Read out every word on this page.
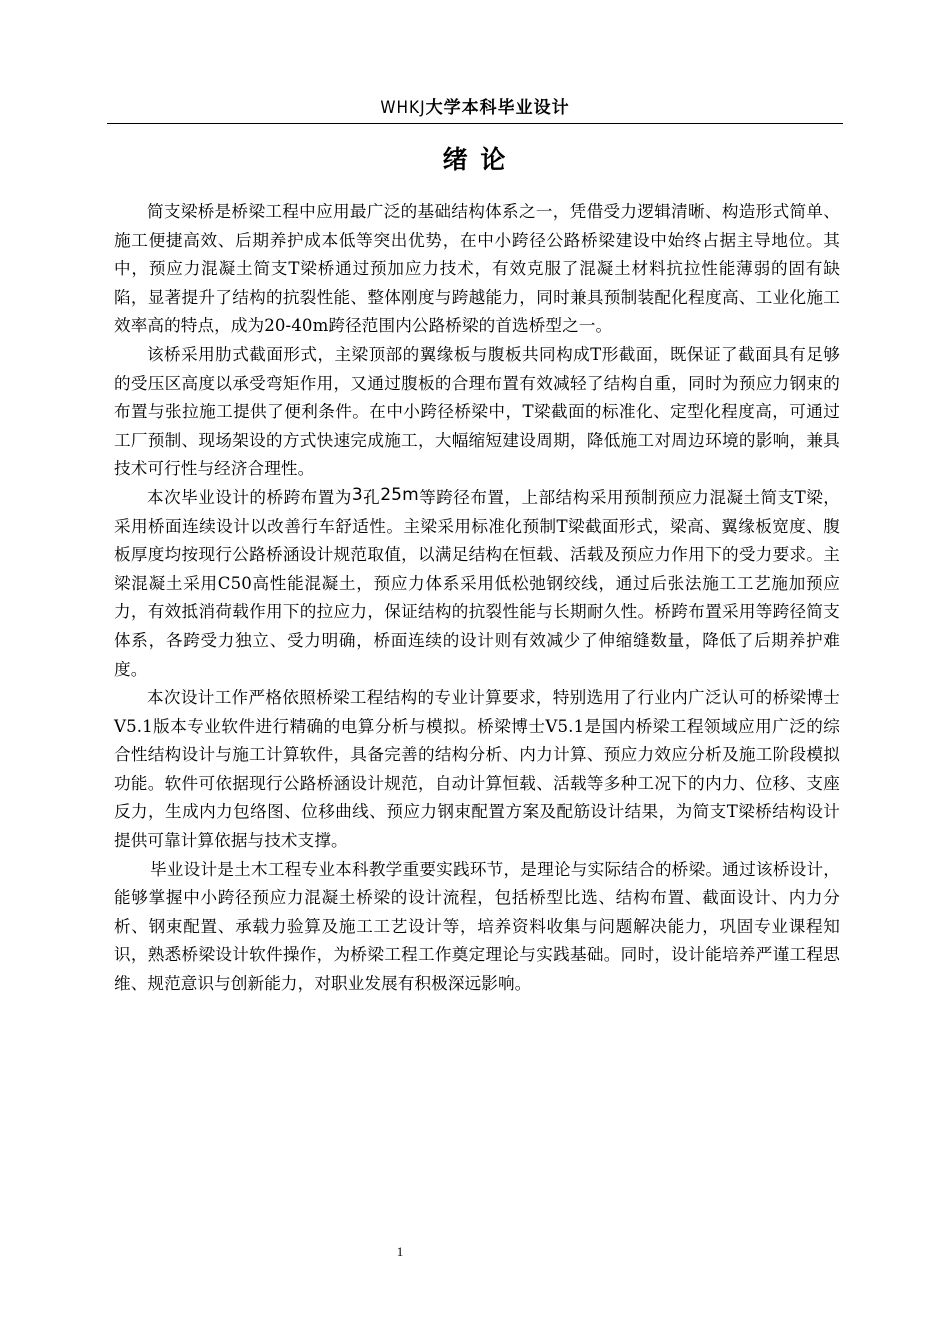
WHKJ大学本科毕业设计
绪 论

简支梁桥是桥梁工程中应用最广泛的基础结构体系之一，凭借受力逻辑清晰、构造形式简单、施工便捷高效、后期养护成本低等突出优势，在中小跨径公路桥梁建设中始终占据主导地位。其中，预应力混凝土简支T梁桥通过预加应力技术，有效克服了混凝土材料抗拉性能薄弱的固有缺陷，显著提升了结构的抗裂性能、整体刚度与跨越能力，同时兼具预制装配化程度高、工业化施工效率高的特点，成为20-40m跨径范围内公路桥梁的首选桥型之一。

该桥采用肋式截面形式，主梁顶部的翼缘板与腹板共同构成T形截面，既保证了截面具有足够的受压区高度以承受弯矩作用，又通过腹板的合理布置有效减轻了结构自重，同时为预应力钢束的布置与张拉施工提供了便利条件。在中小跨径桥梁中，T梁截面的标准化、定型化程度高，可通过工厂预制、现场架设的方式快速完成施工，大幅缩短建设周期，降低施工对周边环境的影响，兼具技术可行性与经济合理性。

本次毕业设计的桥跨布置为3孔25m等跨径布置，上部结构采用预制预应力混凝土简支T梁，采用桥面连续设计以改善行车舒适性。主梁采用标准化预制T梁截面形式，梁高、翼缘板宽度、腹板厚度均按现行公路桥涵设计规范取值，以满足结构在恒载、活载及预应力作用下的受力要求。主梁混凝土采用C50高性能混凝土，预应力体系采用低松弛钢绞线，通过后张法施工工艺施加预应力，有效抵消荷载作用下的拉应力，保证结构的抗裂性能与长期耐久性。桥跨布置采用等跨径简支体系，各跨受力独立、受力明确，桥面连续的设计则有效减少了伸缩缝数量，降低了后期养护难度。

本次设计工作严格依照桥梁工程结构的专业计算要求，特别选用了行业内广泛认可的桥梁博士V5.1版本专业软件进行精确的电算分析与模拟。桥梁博士V5.1是国内桥梁工程领域应用广泛的综合性结构设计与施工计算软件，具备完善的结构分析、内力计算、预应力效应分析及施工阶段模拟功能。软件可依据现行公路桥涵设计规范，自动计算恒载、活载等多种工况下的内力、位移、支座反力，生成内力包络图、位移曲线、预应力钢束配置方案及配筋设计结果，为简支T梁桥结构设计提供可靠计算依据与技术支撑。

毕业设计是土木工程专业本科教学重要实践环节，是理论与实际结合的桥梁。通过该桥设计，能够掌握中小跨径预应力混凝土桥梁的设计流程，包括桥型比选、结构布置、截面设计、内力分析、钢束配置、承载力验算及施工工艺设计等，培养资料收集与问题解决能力，巩固专业课程知识，熟悉桥梁设计软件操作，为桥梁工程工作奠定理论与实践基础。同时，设计能培养严谨工程思维、规范意识与创新能力，对职业发展有积极深远影响。

1
